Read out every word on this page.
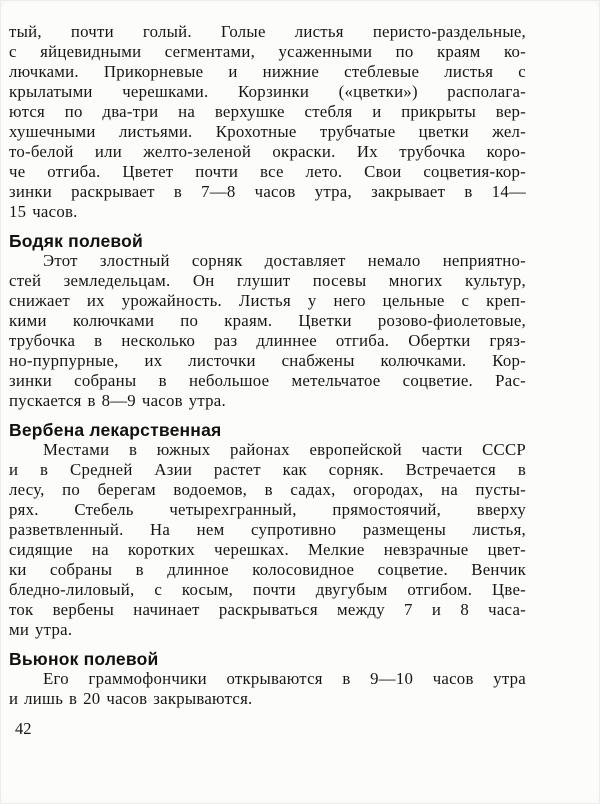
тый, почти голый. Голые листья перисто-раздельные,
с яйцевидными сегментами, усаженными по краям ко-
лючками. Прикорневые и нижние стеблевые листья с
крылатыми черешками. Корзинки («цветки») располага-
ются по два-три на верхушке стебля и прикрыты вер-
хушечными листьями. Крохотные трубчатые цветки жел-
то-белой или желто-зеленой окраски. Их трубочка коро-
че отгиба. Цветет почти все лето. Свои соцветия-кор-
зинки раскрывает в 7—8 часов утра, закрывает в 14—
15 часов.
Бодяк полевой
Этот злостный сорняк доставляет немало неприятно-
стей земледельцам. Он глушит посевы многих культур,
снижает их урожайность. Листья у него цельные с креп-
кими колючками по краям. Цветки розово-фиолетовые,
трубочка в несколько раз длиннее отгиба. Обертки гряз-
но-пурпурные, их листочки снабжены колючками. Кор-
зинки собраны в небольшое метельчатое соцветие. Рас-
пускается в 8—9 часов утра.
Вербена лекарственная
Местами в южных районах европейской части СССР
и в Средней Азии растет как сорняк. Встречается в
лесу, по берегам водоемов, в садах, огородах, на пусты-
рях. Стебель четырехгранный, прямостоячий, вверху
разветвленный. На нем супротивно размещены листья,
сидящие на коротких черешках. Мелкие невзрачные цвет-
ки собраны в длинное колосовидное соцветие. Венчик
бледно-лиловый, с косым, почти двугубым отгибом. Цве-
ток вербены начинает раскрываться между 7 и 8 часа-
ми утра.
Вьюнок полевой
Его граммофончики открываются в 9—10 часов утра
и лишь в 20 часов закрываются.
42
